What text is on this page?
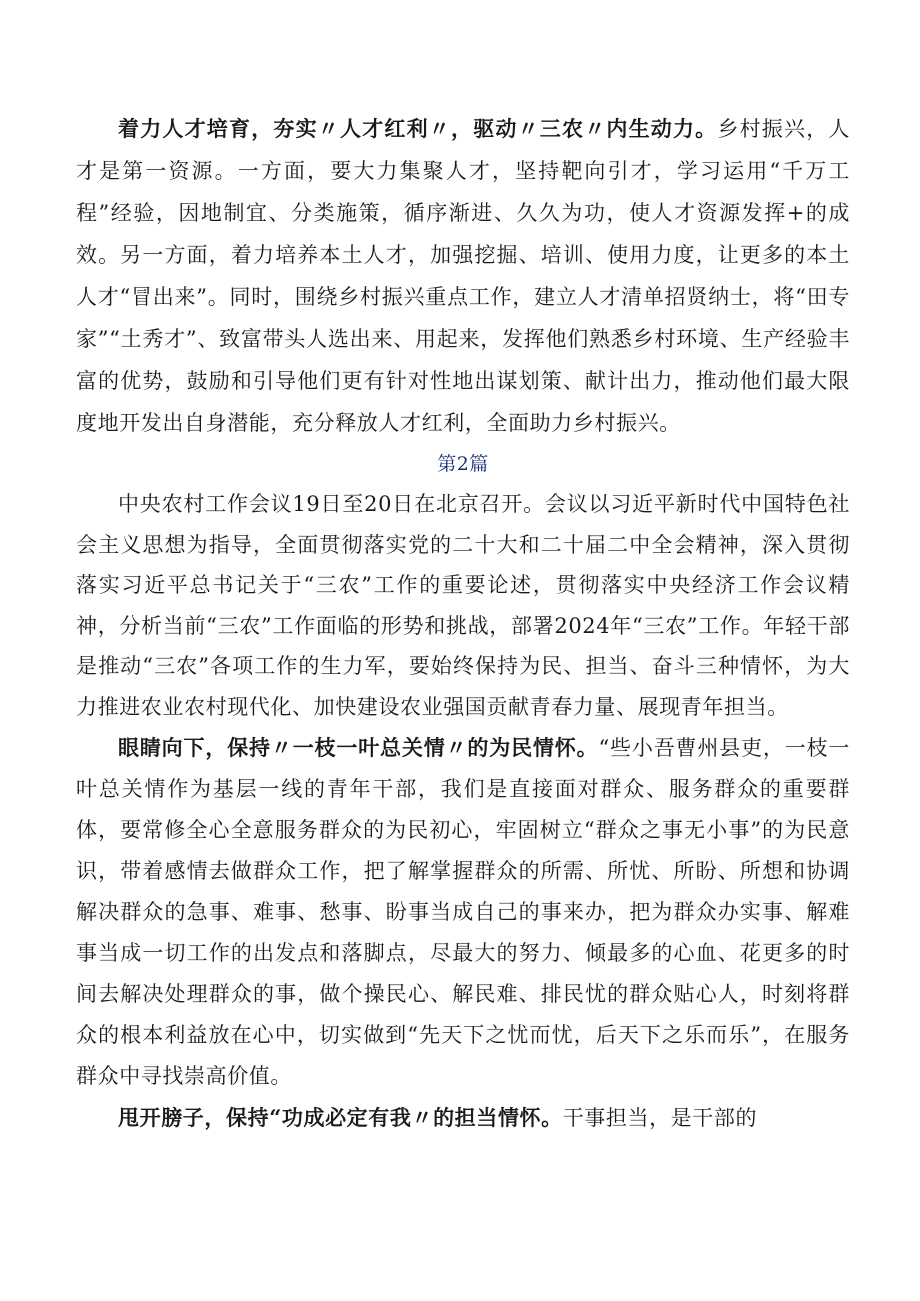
着力人才培育，夯实〃人才红利〃，驱动〃三农〃内生动力。乡村振兴，人才是第一资源。一方面，要大力集聚人才，坚持靶向引才，学习运用“千万工程”经验，因地制宜、分类施策，循序渐进、久久为功，使人才资源发挥+的成效。另一方面，着力培养本土人才，加强挖掘、培训、使用力度，让更多的本土人才“冒出来”。同时，围绕乡村振兴重点工作，建立人才清单招贤纳士，将“田专家”“土秀才”、致富带头人选出来、用起来，发挥他们熟悉乡村环境、生产经验丰富的优势，鼓励和引导他们更有针对性地出谋划策、献计出力，推动他们最大限度地开发出自身潜能，充分释放人才红利，全面助力乡村振兴。

第2篇

中央农村工作会议19日至20日在北京召开。会议以习近平新时代中国特色社会主义思想为指导，全面贯彻落实党的二十大和二十届二中全会精神，深入贯彻落实习近平总书记关于“三农”工作的重要论述，贯彻落实中央经济工作会议精神，分析当前“三农”工作面临的形势和挑战，部署2024年“三农”工作。年轻干部是推动“三农”各项工作的生力军，要始终保持为民、担当、奋斗三种情怀，为大力推进农业农村现代化、加快建设农业强国贡献青春力量、展现青年担当。

眼睛向下，保持〃一枝一叶总关情〃的为民情怀。“些小吾曹州县吏，一枝一叶总关情作为基层一线的青年干部，我们是直接面对群众、服务群众的重要群体，要常修全心全意服务群众的为民初心，牢固树立“群众之事无小事”的为民意识，带着感情去做群众工作，把了解掌握群众的所需、所忧、所盼、所想和协调解决群众的急事、难事、愁事、盼事当成自己的事来办，把为群众办实事、解难事当成一切工作的出发点和落脚点，尽最大的努力、倾最多的心血、花更多的时间去解决处理群众的事，做个操民心、解民难、排民忧的群众贴心人，时刻将群众的根本利益放在心中，切实做到“先天下之忧而忧，后天下之乐而乐”，在服务群众中寻找崇高价值。

甩开膀子，保持“功成必定有我〃的担当情怀。干事担当，是干部的
